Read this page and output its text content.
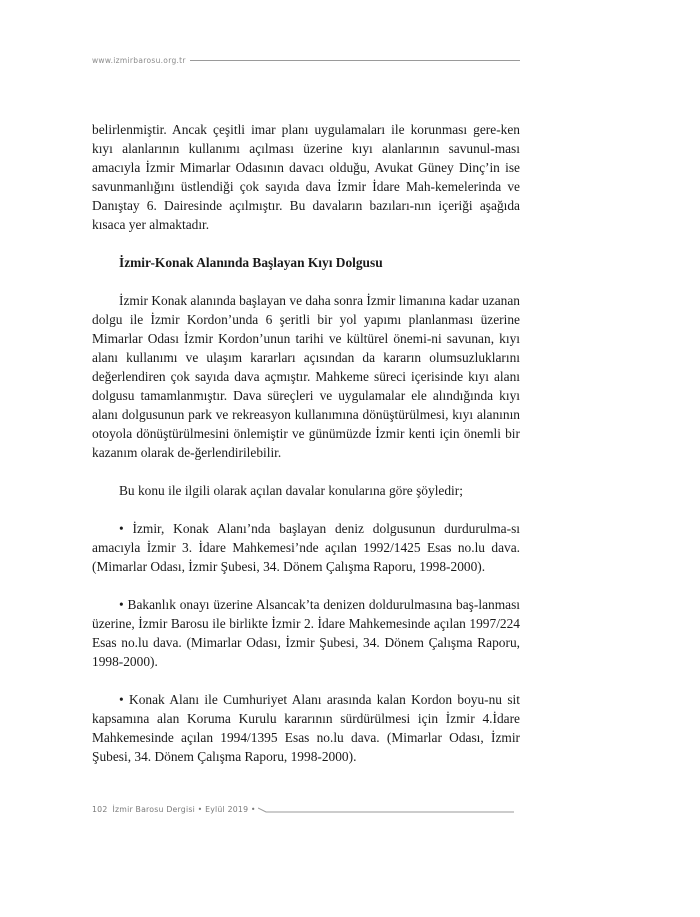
www.izmirbarosu.org.tr

belirlenmiştir. Ancak çeşitli imar planı uygulamaları ile korunması gere-ken kıyı alanlarının kullanımı açılması üzerine kıyı alanlarının savunul-ması amacıyla İzmir Mimarlar Odasının davacı olduğu, Avukat Güney Dinç’in ise savunmanlığını üstlendiği çok sayıda dava İzmir İdare Mah-kemelerinda ve Danıştay 6. Dairesinde açılmıştır. Bu davaların bazıları-nın içeriği aşağıda kısaca yer almaktadır.

İzmir-Konak Alanında Başlayan Kıyı Dolgusu

İzmir Konak alanında başlayan ve daha sonra İzmir limanına kadar uzanan dolgu ile İzmir Kordon’unda 6 şeritli bir yol yapımı planlanması üzerine Mimarlar Odası İzmir Kordon’unun tarihi ve kültürel önemi-ni savunan, kıyı alanı kullanımı ve ulaşım kararları açısından da kararın olumsuzluklarını değerlendiren çok sayıda dava açmıştır. Mahkeme süreci içerisinde kıyı alanı dolgusu tamamlanmıştır. Dava süreçleri ve uygulamalar ele alındığında kıyı alanı dolgusunun park ve rekreasyon kullanımına dönüştürülmesi, kıyı alanının otoyola dönüştürülmesini önlemiştir ve günümüzde İzmir kenti için önemli bir kazanım olarak de-ğerlendirilebilir.

Bu konu ile ilgili olarak açılan davalar konularına göre şöyledir;

• İzmir, Konak Alanı’nda başlayan deniz dolgusunun durdurulma-sı amacıyla İzmir 3. İdare Mahkemesi’nde açılan 1992/1425 Esas no.lu dava. (Mimarlar Odası, İzmir Şubesi, 34. Dönem Çalışma Raporu, 1998-2000).

• Bakanlık onayı üzerine Alsancak’ta denizen doldurulmasına baş-lanması üzerine, İzmir Barosu ile birlikte İzmir 2. İdare Mahkemesinde açılan 1997/224 Esas no.lu dava. (Mimarlar Odası, İzmir Şubesi, 34. Dönem Çalışma Raporu, 1998-2000).

• Konak Alanı ile Cumhuriyet Alanı arasında kalan Kordon boyu-nu sit kapsamına alan Koruma Kurulu kararının sürdürülmesi için İzmir 4.İdare Mahkemesinde açılan 1994/1395 Esas no.lu dava. (Mimarlar Odası, İzmir Şubesi, 34. Dönem Çalışma Raporu, 1998-2000).

102 İzmir Barosu Dergisi • Eylül 2019 •
